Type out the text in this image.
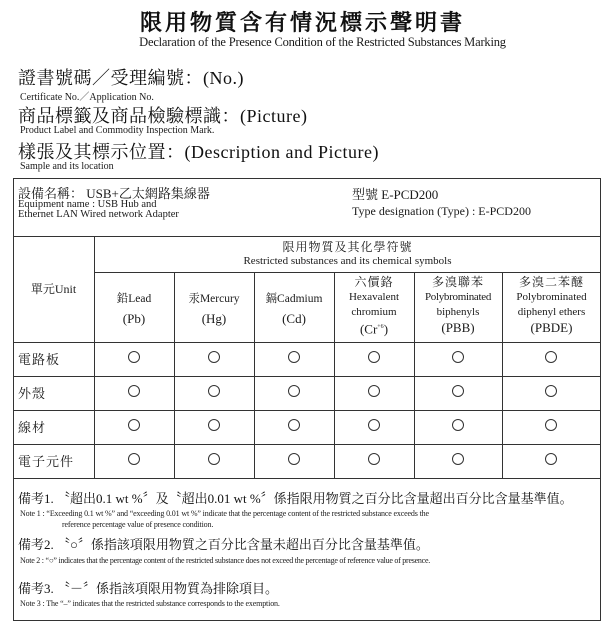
限用物質含有情況標示聲明書
Declaration of the Presence Condition of the Restricted Substances Marking
證書號碼／受理編號：(No.)
Certificate No.／Application No.
商品標籤及商品檢驗標識：(Picture)
Product Label and Commodity Inspection Mark.
樣張及其標示位置：(Description and Picture)
Sample and its location
設備名稱： USB+乙太網路集線器
Equipment name : USB Hub and
Ethernet LAN Wired network Adapter
型號 E-PCD200
Type designation (Type) : E-PCD200
單元Unit
限用物質及其化學符號
Restricted substances and its chemical symbols
鉛Lead
(Pb)
汞Mercury
(Hg)
鎘Cadmium
(Cd)
六價鉻
Hexavalent
chromium
$(Cr^{+6})$
多溴聯苯
Polybrominated
biphenyls
(PBB)
多溴二苯醚
Polybrominated
diphenyl ethers
(PBDE)
電路板
外殼
線材
電子元件
備考1. 〝超出0.1 wt %〞及〝超出0.01 wt %〞係指限用物質之百分比含量超出百分比含量基準值。
Note 1 : “Exceeding 0.1 wt %” and “exceeding 0.01 wt %” indicate that the percentage content of the restricted substance exceeds the
reference percentage value of presence condition.
備考2. 〝○〞係指該項限用物質之百分比含量未超出百分比含量基準值。
Note 2 : “○” indicates that the percentage content of the restricted substance does not exceed the percentage of reference value of presence.
備考3. 〝－〞係指該項限用物質為排除項目。
Note 3 : The “–” indicates that the restricted substance corresponds to the exemption.
